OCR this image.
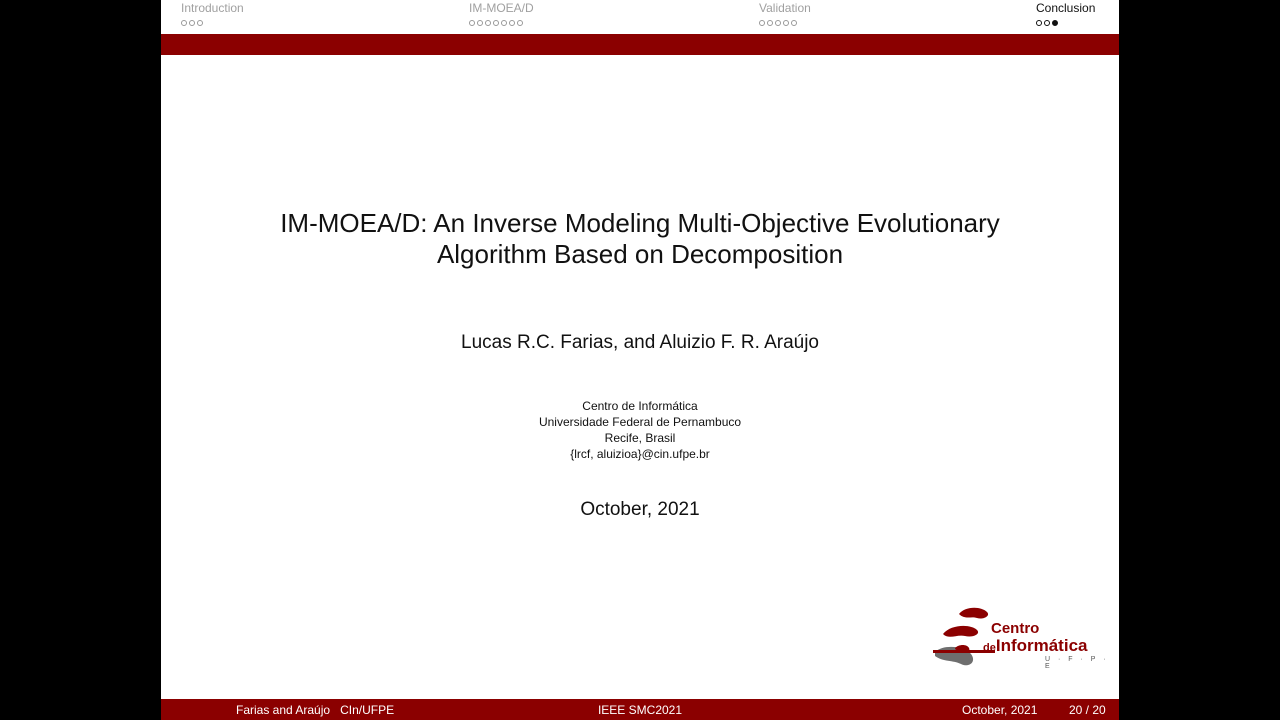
Introduction	IM-MOEA/D	Validation	Conclusion
IM-MOEA/D: An Inverse Modeling Multi-Objective Evolutionary
Algorithm Based on Decomposition
Lucas R.C. Farias, and Aluizio F. R. Araújo
Centro de Informática
Universidade Federal de Pernambuco
Recife, Brasil
{lrcf, aluizioa}@cin.ufpe.br
October, 2021
Centro
deInformática
U · F · P · E
Farias and Araújo CIn/UFPE	IEEE SMC2021	October, 2021	20 / 20
